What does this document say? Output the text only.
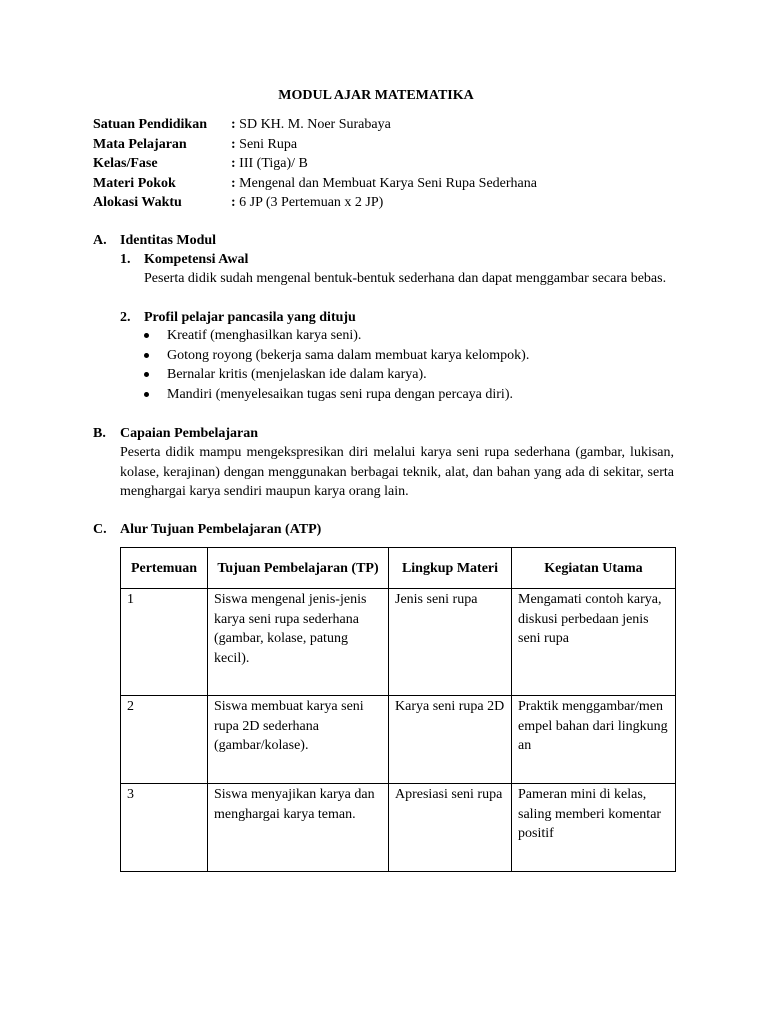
MODUL AJAR MATEMATIKA
Satuan Pendidikan : SD KH. M. Noer Surabaya
Mata Pelajaran	: Seni Rupa
Kelas/Fase	: III (Tiga)/ B
Materi Pokok	: Mengenal dan Membuat Karya Seni Rupa Sederhana
Alokasi Waktu	: 6 JP (3 Pertemuan x 2 JP)
A. Identitas Modul
1. Kompetensi Awal
Peserta didik sudah mengenal bentuk-bentuk sederhana dan dapat menggambar secara bebas.
2. Profil pelajar pancasila yang dituju
Kreatif (menghasilkan karya seni).
Gotong royong (bekerja sama dalam membuat karya kelompok).
Bernalar kritis (menjelaskan ide dalam karya).
Mandiri (menyelesaikan tugas seni rupa dengan percaya diri).
B. Capaian Pembelajaran
Peserta didik mampu mengekspresikan diri melalui karya seni rupa sederhana (gambar, lukisan, kolase, kerajinan) dengan menggunakan berbagai teknik, alat, dan bahan yang ada di sekitar, serta menghargai karya sendiri maupun karya orang lain.
C. Alur Tujuan Pembelajaran (ATP)
Pertemuan	Tujuan Pembelajaran (TP)	Lingkup Materi	Kegiatan Utama
1	Siswa mengenal jenis-jenis karya seni rupa sederhana (gambar, kolase, patung kecil).	Jenis seni rupa	Mengamati contoh karya, diskusi perbedaan jenis seni rupa
2	Siswa membuat karya seni rupa 2D sederhana (gambar/kolase).	Karya seni rupa 2D	Praktik menggambar/menempel bahan dari lingkungan
3	Siswa menyajikan karya dan menghargai karya teman.	Apresiasi seni rupa	Pameran mini di kelas, saling memberi komentar positif
